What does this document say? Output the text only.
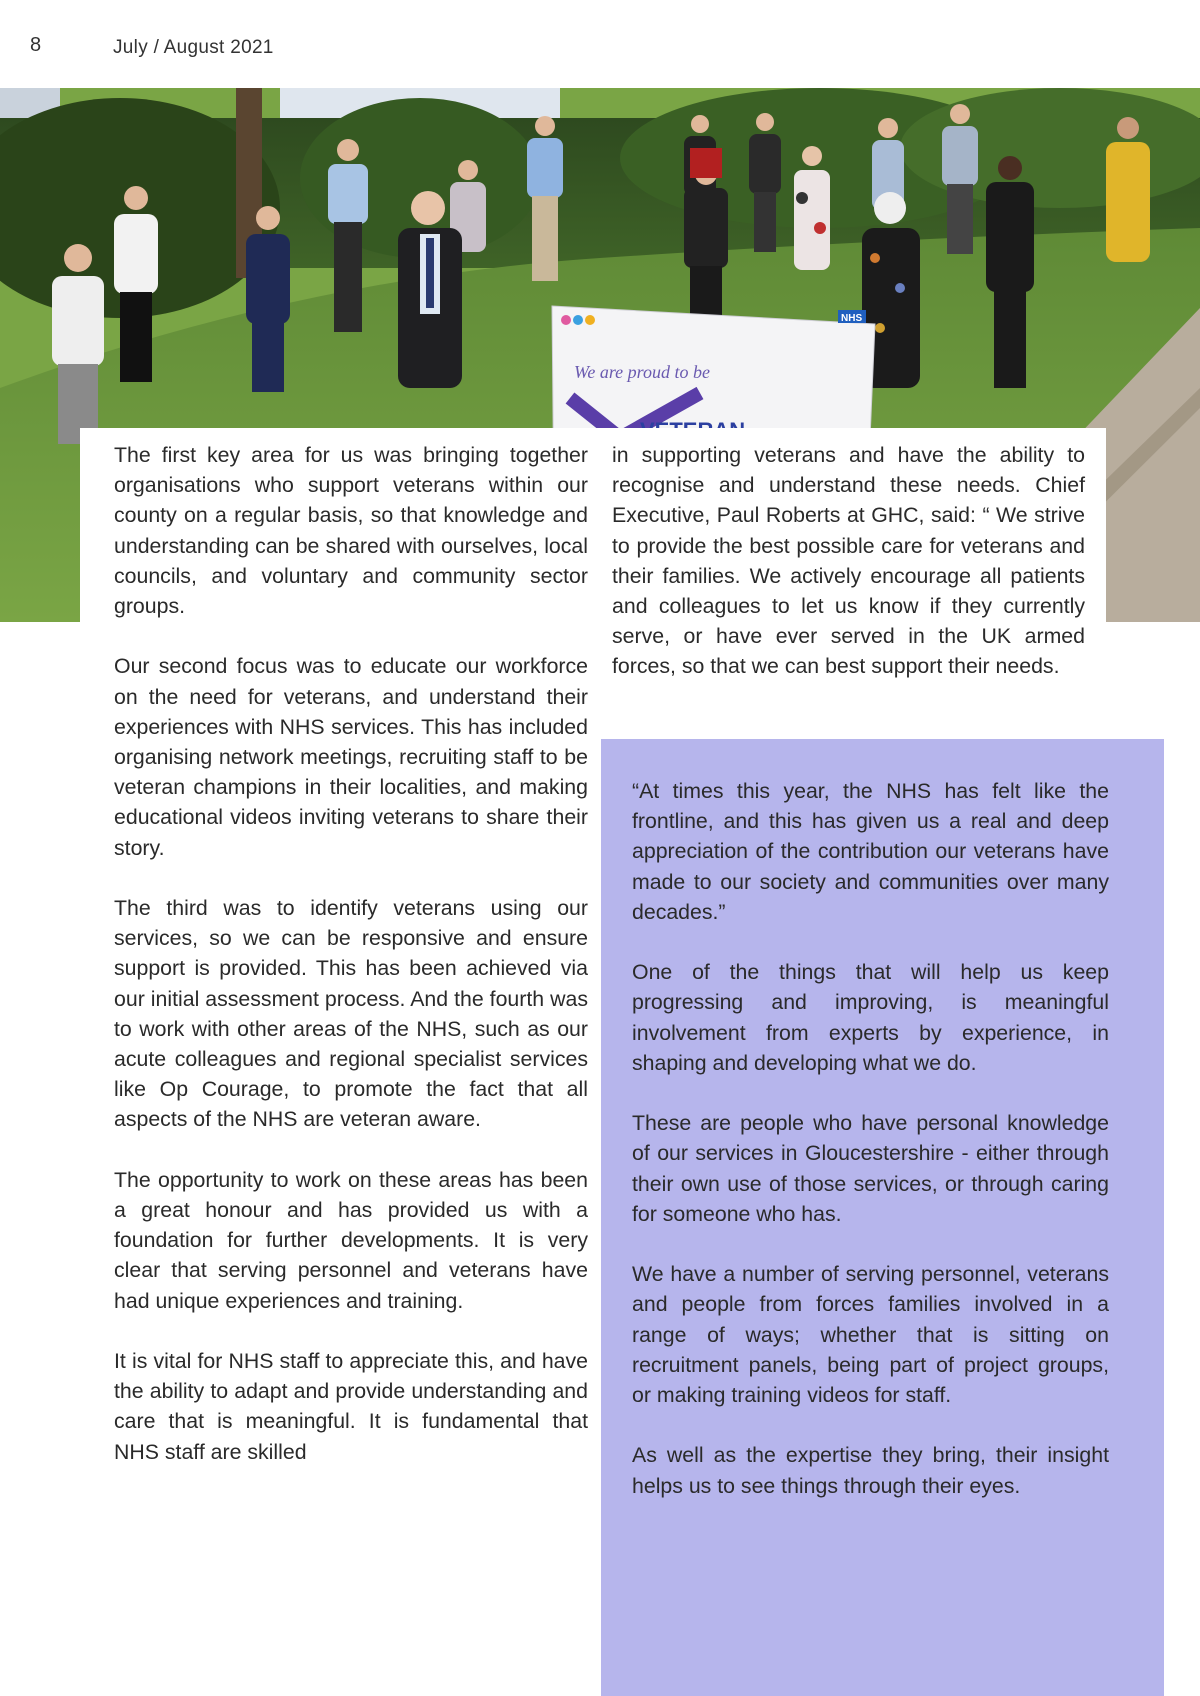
8	July / August 2021
We are proud to be
NHS

The first key area for us was bringing together organisations who support veterans within our county on a regular basis, so that knowledge and understanding can be shared with ourselves, local councils, and voluntary and community sector groups.

Our second focus was to educate our workforce on the need for veterans, and understand their experiences with NHS services. This has included organising network meetings, recruiting staff to be veteran champions in their localities, and making educational videos inviting veterans to share their story.

The third was to identify veterans using our services, so we can be responsive and ensure support is provided. This has been achieved via our initial assessment process. And the fourth was to work with other areas of the NHS, such as our acute colleagues and regional specialist services like Op Courage, to promote the fact that all aspects of the NHS are veteran aware.

The opportunity to work on these areas has been a great honour and has provided us with a foundation for further developments. It is very clear that serving personnel and veterans have had unique experiences and training.

It is vital for NHS staff to appreciate this, and have the ability to adapt and provide understanding and care that is meaningful. It is fundamental that NHS staff are skilled

in supporting veterans and have the ability to recognise and understand these needs. Chief Executive, Paul Roberts at GHC, said: “ We strive to provide the best possible care for veterans and their families. We actively encourage all patients and colleagues to let us know if they currently serve, or have ever served in the UK armed forces, so that we can best support their needs.

“At times this year, the NHS has felt like the frontline, and this has given us a real and deep appreciation of the contribution our veterans have made to our society and communities over many decades.”

One of the things that will help us keep progressing and improving, is meaningful involvement from experts by experience, in shaping and developing what we do.

These are people who have personal knowledge of our services in Gloucestershire - either through their own use of those services, or through caring for someone who has.

We have a number of serving personnel, veterans and people from forces families involved in a range of ways; whether that is sitting on recruitment panels, being part of project groups, or making training videos for staff.

As well as the expertise they bring, their insight helps us to see things through their eyes.
